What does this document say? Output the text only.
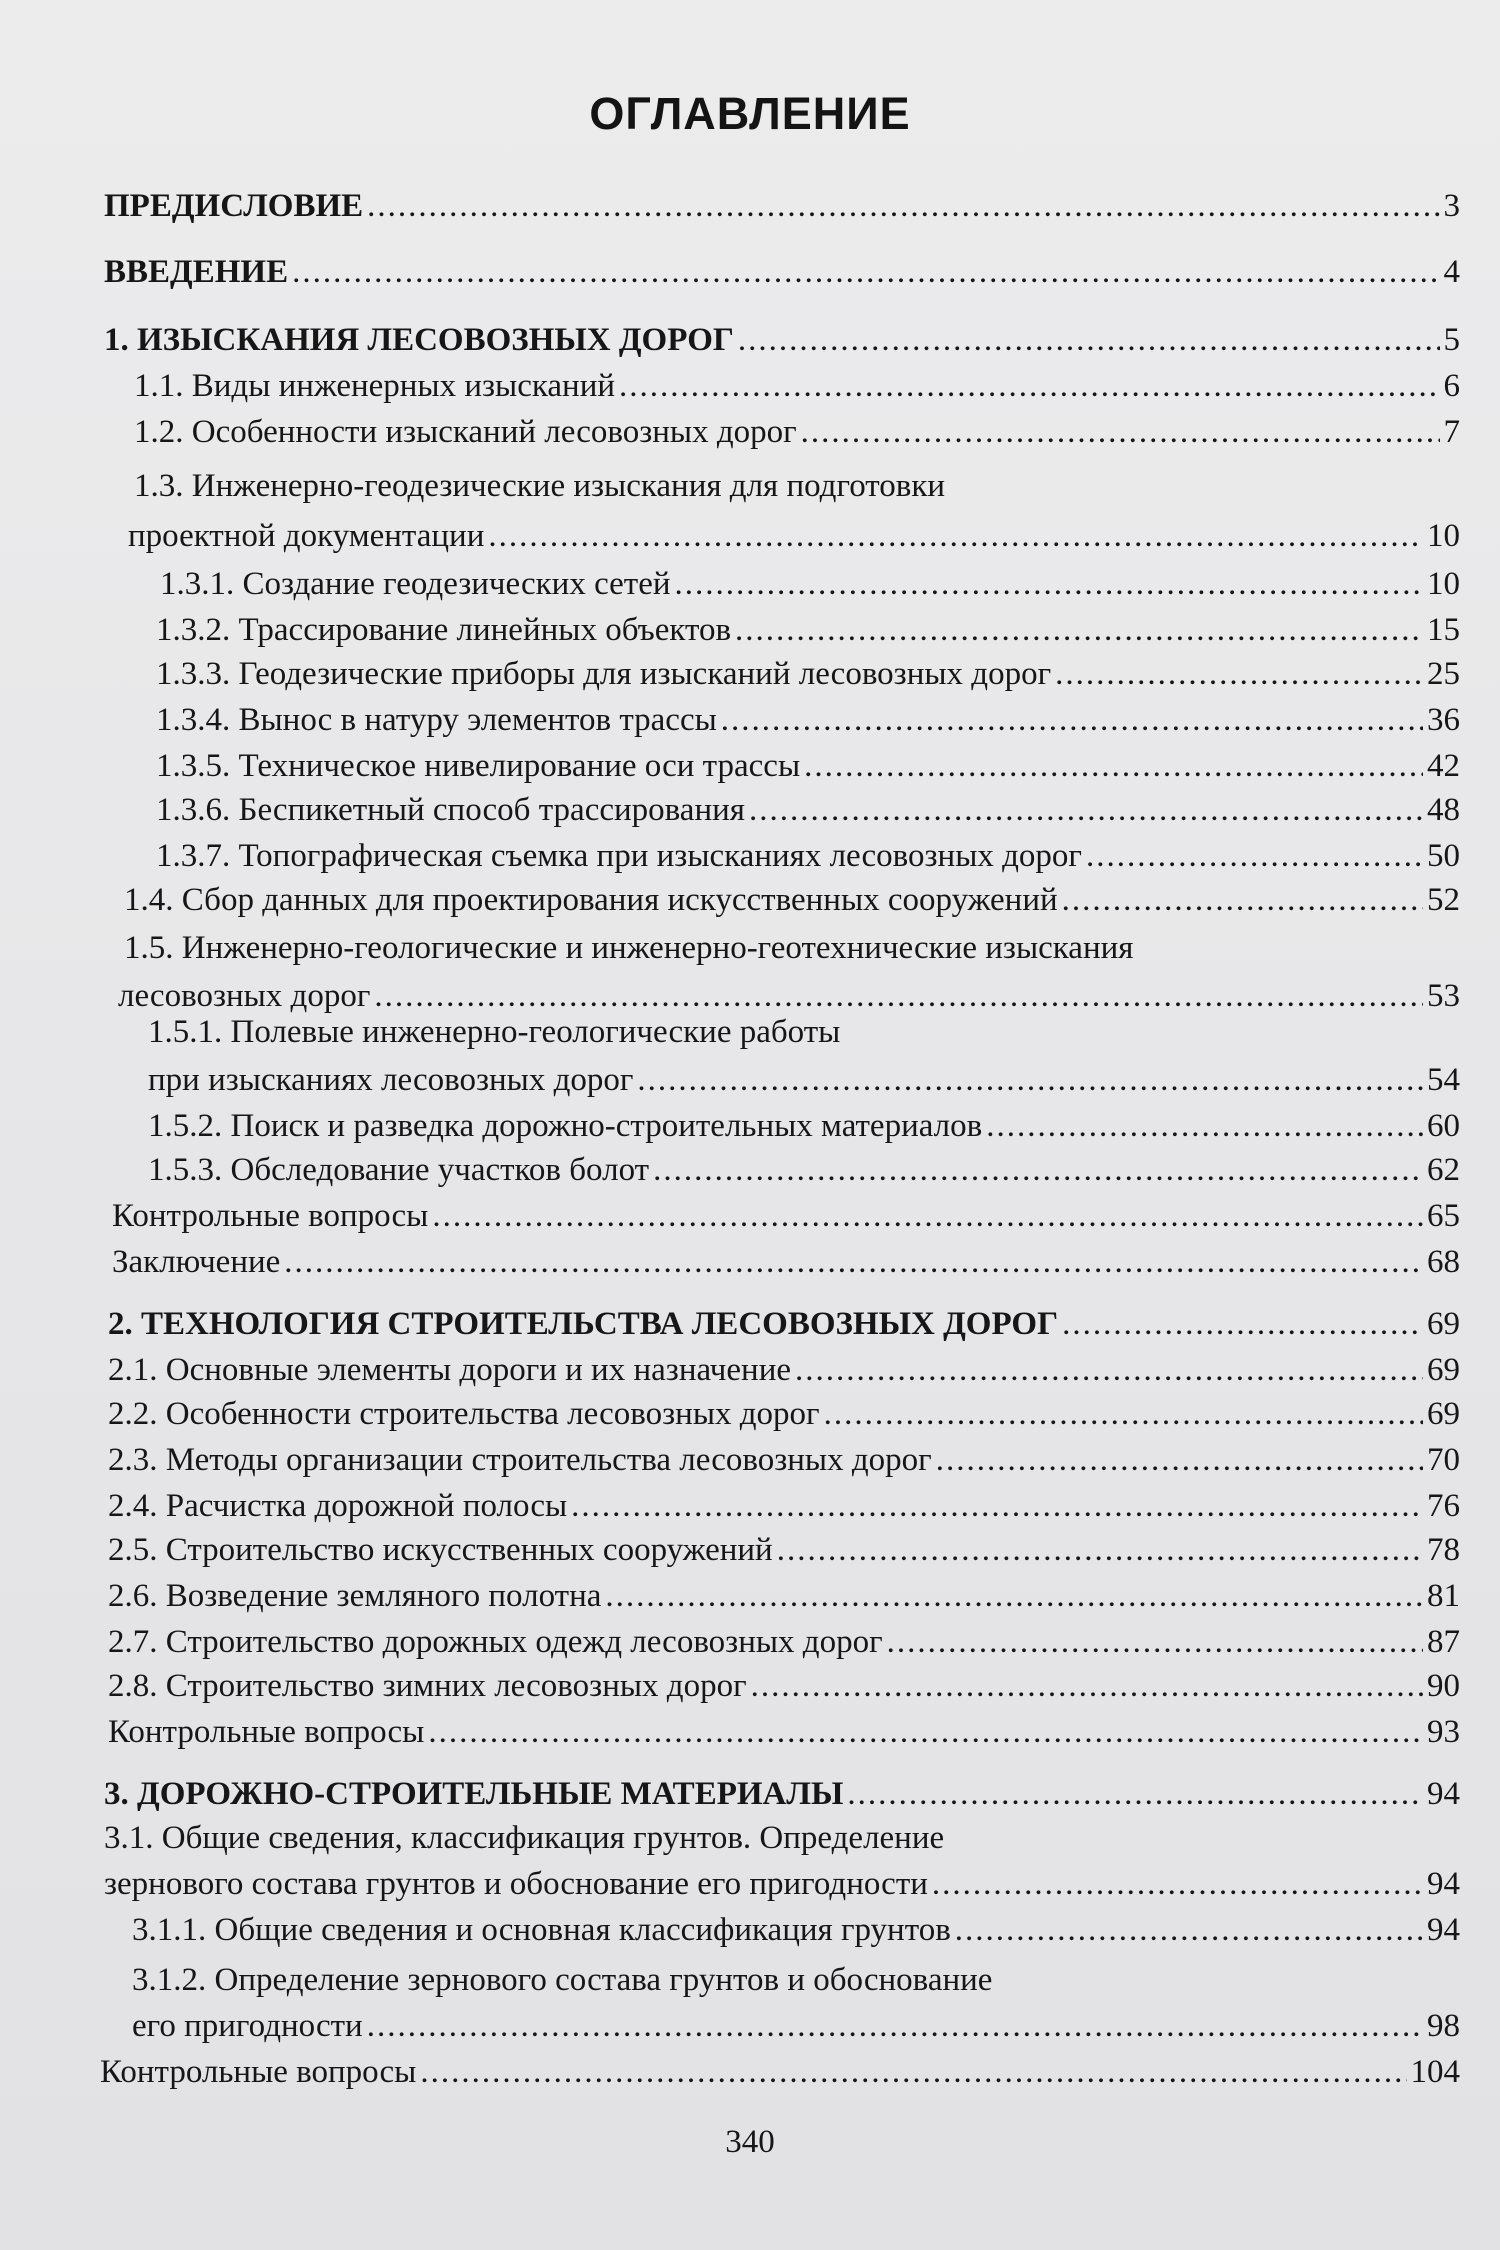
ОГЛАВЛЕНИЕ
ПРЕДИСЛОВИЕ .....	3
ВВЕДЕНИЕ .....	4
1. ИЗЫСКАНИЯ ЛЕСОВОЗНЫХ ДОРОГ .....	5
1.1. Виды инженерных изысканий .....	6
1.2. Особенности изысканий лесовозных дорог .....	7
1.3. Инженерно-геодезические изыскания для подготовки
проектной документации .....	10
1.3.1. Создание геодезических сетей .....	10
1.3.2. Трассирование линейных объектов .....	15
1.3.3. Геодезические приборы для изысканий лесовозных дорог .....	25
1.3.4. Вынос в натуру элементов трассы .....	36
1.3.5. Техническое нивелирование оси трассы .....	42
1.3.6. Беспикетный способ трассирования .....	48
1.3.7. Топографическая съемка при изысканиях лесовозных дорог .....	50
1.4. Сбор данных для проектирования искусственных сооружений .....	52
1.5. Инженерно-геологические и инженерно-геотехнические изыскания
лесовозных дорог .....	53
1.5.1. Полевые инженерно-геологические работы
при изысканиях лесовозных дорог .....	54
1.5.2. Поиск и разведка дорожно-строительных материалов .....	60
1.5.3. Обследование участков болот .....	62
Контрольные вопросы .....	65
Заключение .....	68
2. ТЕХНОЛОГИЯ СТРОИТЕЛЬСТВА ЛЕСОВОЗНЫХ ДОРОГ .....	69
2.1. Основные элементы дороги и их назначение .....	69
2.2. Особенности строительства лесовозных дорог .....	69
2.3. Методы организации строительства лесовозных дорог .....	70
2.4. Расчистка дорожной полосы .....	76
2.5. Строительство искусственных сооружений .....	78
2.6. Возведение земляного полотна .....	81
2.7. Строительство дорожных одежд лесовозных дорог .....	87
2.8. Строительство зимних лесовозных дорог .....	90
Контрольные вопросы .....	93
3. ДОРОЖНО-СТРОИТЕЛЬНЫЕ МАТЕРИАЛЫ .....	94
3.1. Общие сведения, классификация грунтов. Определение
зернового состава грунтов и обоснование его пригодности .....	94
3.1.1. Общие сведения и основная классификация грунтов .....	94
3.1.2. Определение зернового состава грунтов и обоснование
его пригодности .....	98
Контрольные вопросы .....	104
340
